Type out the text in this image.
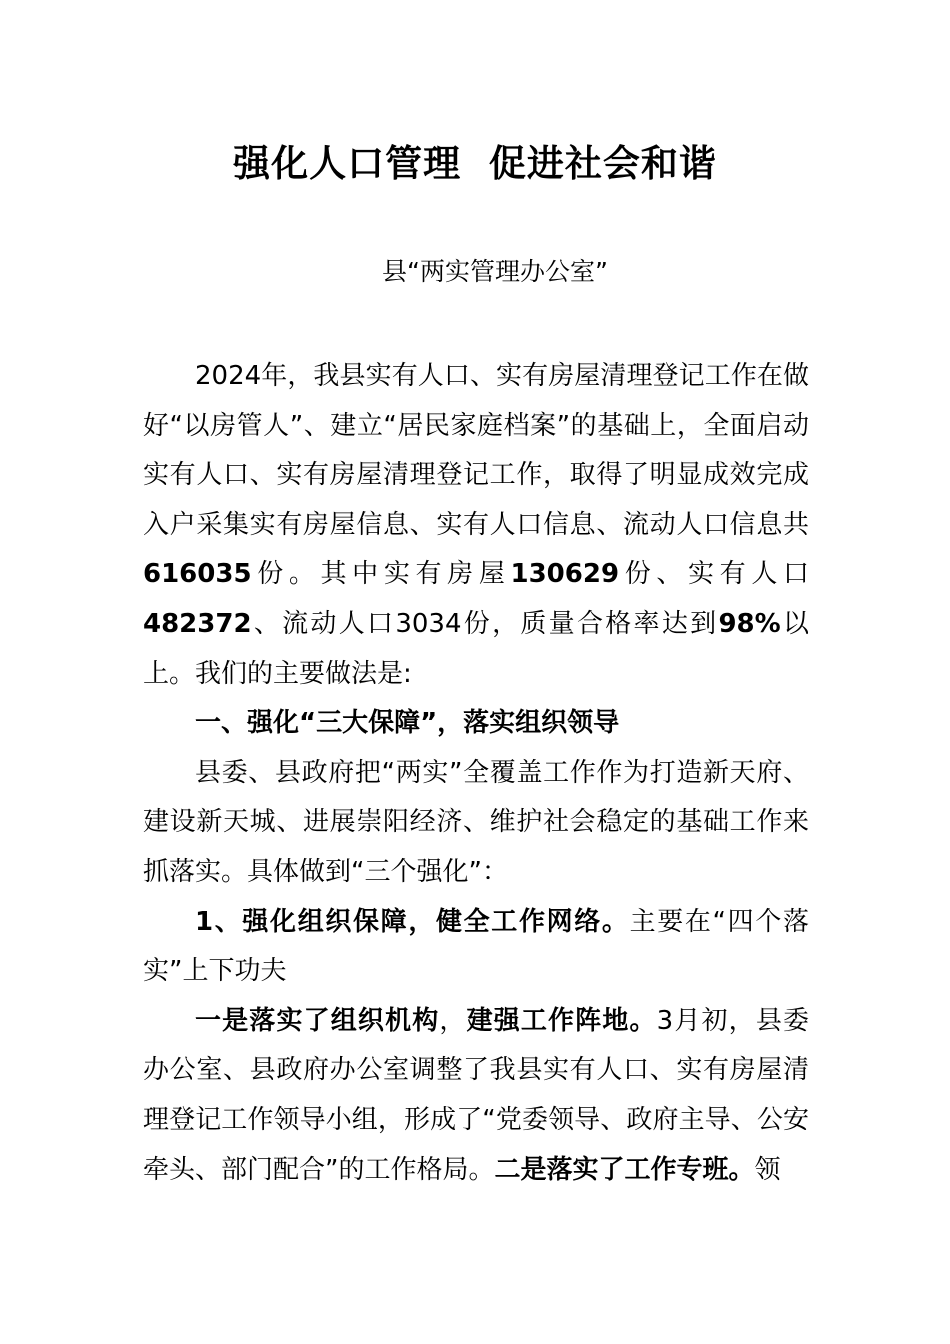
强化人口管理  促进社会和谐
县“两实管理办公室”

2024年，我县实有人口、实有房屋清理登记工作在做好“以房管人”、建立“居民家庭档案”的基础上，全面启动实有人口、实有房屋清理登记工作，取得了明显成效完成入户采集实有房屋信息、实有人口信息、流动人口信息共616035份。其中实有房屋130629份、实有人口482372、流动人口3034份，质量合格率达到98%以上。我们的主要做法是:

一、强化“三大保障”，落实组织领导

县委、县政府把“两实”全覆盖工作作为打造新天府、建设新天城、进展崇阳经济、维护社会稳定的基础工作来抓落实。具体做到“三个强化”：

1、强化组织保障，健全工作网络。主要在“四个落实”上下功夫

一是落实了组织机构，建强工作阵地。3月初，县委办公室、县政府办公室调整了我县实有人口、实有房屋清理登记工作领导小组，形成了“党委领导、政府主导、公安牵头、部门配合”的工作格局。二是落实了工作专班。领
